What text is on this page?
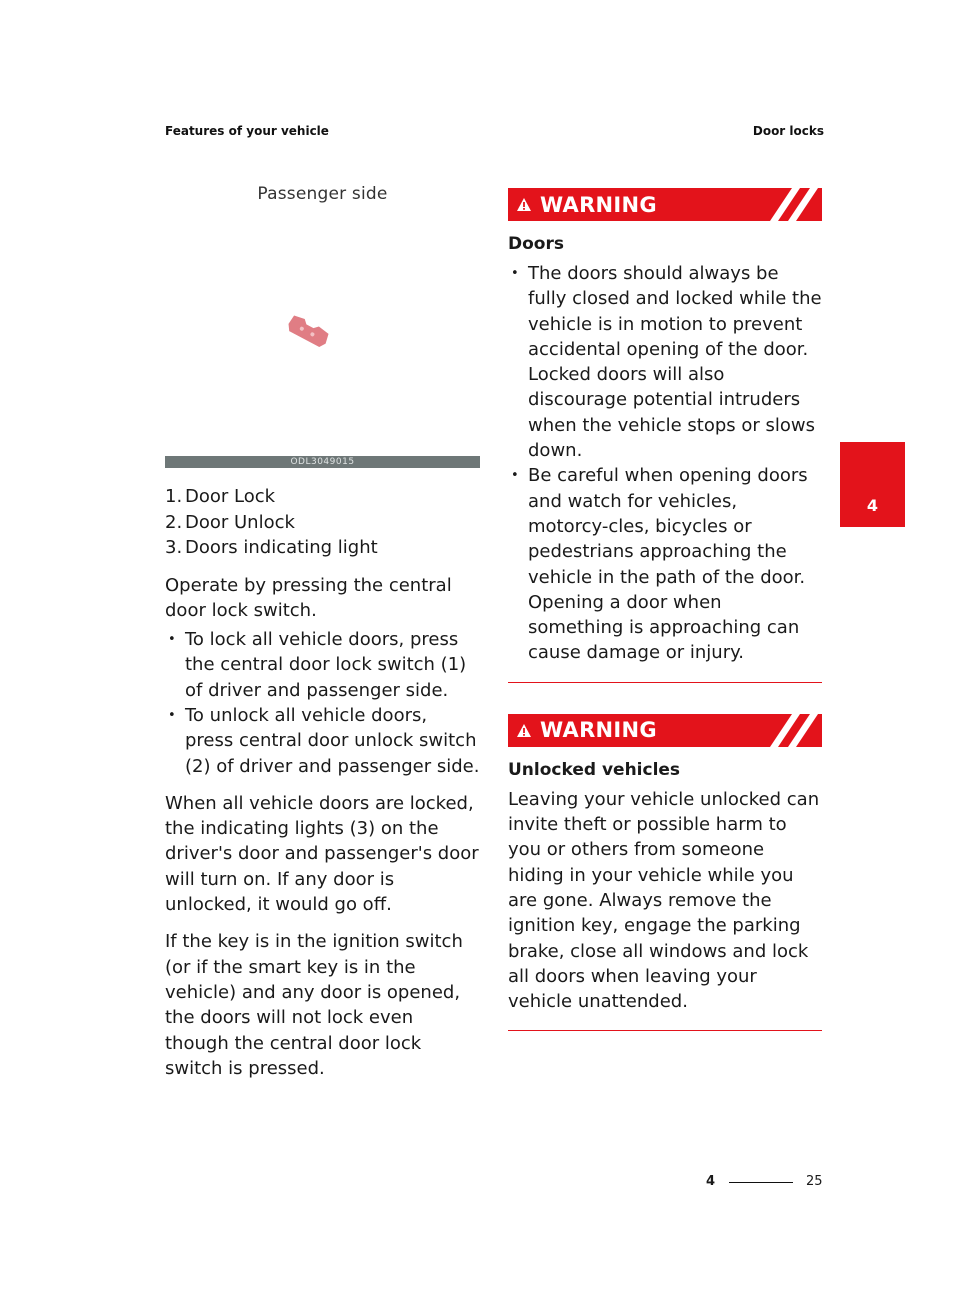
Features of your vehicle	Door locks
4
Passenger side
ODL3049015
1. Door Lock
2. Door Unlock
3. Doors indicating light

Operate by pressing the central door lock switch.

• To lock all vehicle doors, press the central door lock switch (1) of driver and passenger side.
• To unlock all vehicle doors, press central door unlock switch (2) of driver and passenger side.

When all vehicle doors are locked, the indicating lights (3) on the driver's door and passenger's door will turn on. If any door is unlocked, it would go off.

If the key is in the ignition switch (or if the smart key is in the vehicle) and any door is opened, the doors will not lock even though the central door lock switch is pressed.

WARNING
Doors
• The doors should always be fully closed and locked while the vehicle is in motion to prevent accidental opening of the door. Locked doors will also discourage potential intruders when the vehicle stops or slows down.
• Be careful when opening doors and watch for vehicles, motorcy-cles, bicycles or pedestrians approaching the vehicle in the path of the door. Opening a door when something is approaching can cause damage or injury.
WARNING
Unlocked vehicles

Leaving your vehicle unlocked can invite theft or possible harm to you or others from someone hiding in your vehicle while you are gone. Always remove the ignition key, engage the parking brake, close all windows and lock all doors when leaving your vehicle unattended.

4	25
